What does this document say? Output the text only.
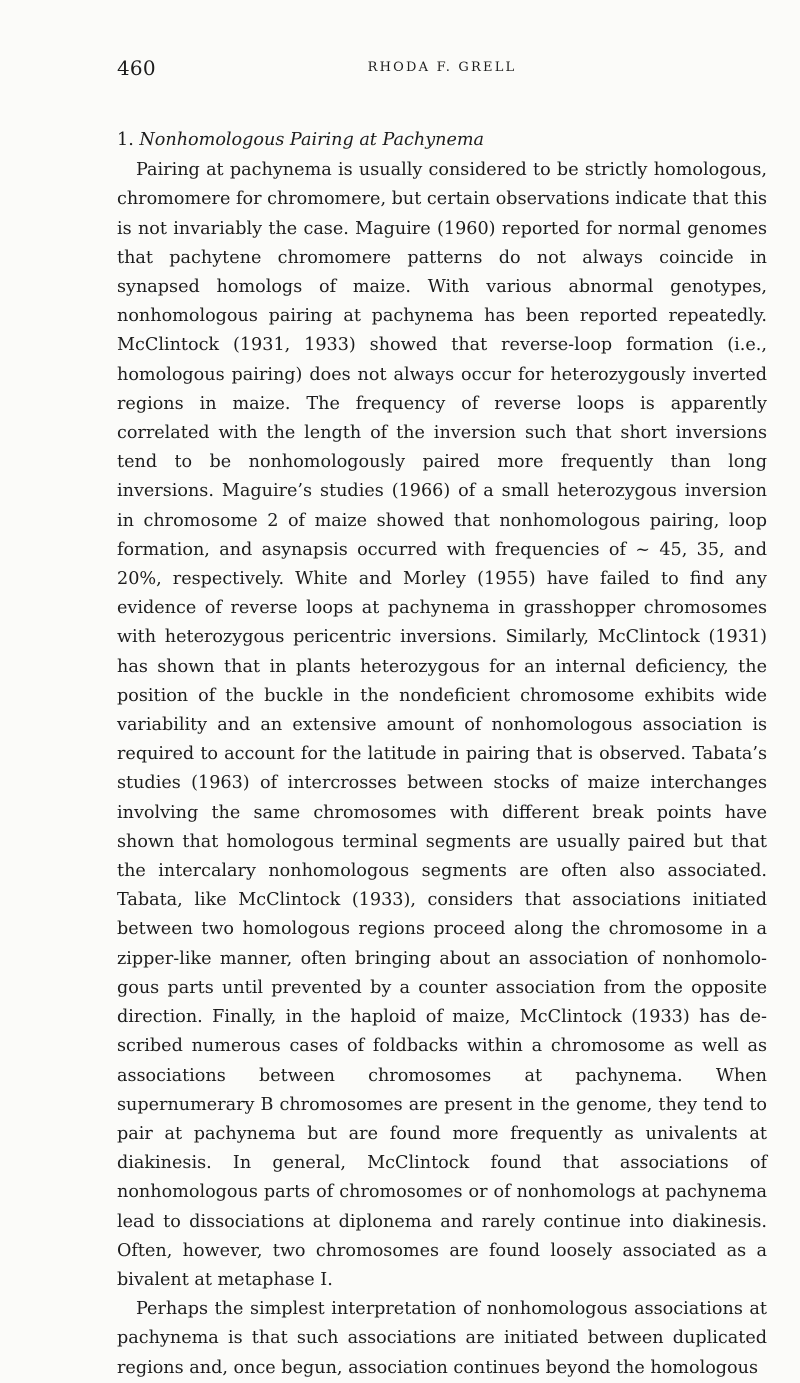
460	RHODA F. GRELL
1. Nonhomologous Pairing at Pachynema

Pairing at pachynema is usually considered to be strictly homologous, chromomere for chromomere, but certain observations indicate that this is not invariably the case. Maguire (1960) reported for normal genomes that pachytene chromomere patterns do not always coincide in synapsed homologs of maize. With various abnormal genotypes, nonhomologous pairing at pachynema has been reported repeatedly. McClintock (1931, 1933) showed that reverse-loop formation (i.e., homologous pairing) does not always occur for heterozygously inverted regions in maize. The frequency of reverse loops is apparently correlated with the length of the inversion such that short inversions tend to be nonhomologously paired more frequently than long inversions. Maguire’s studies (1966) of a small heterozygous inversion in chromosome 2 of maize showed that nonhomologous pairing, loop formation, and asynapsis occurred with frequencies of ~ 45, 35, and 20%, respectively. White and Morley (1955) have failed to find any evidence of reverse loops at pachynema in grasshopper chromosomes with heterozygous pericentric inversions. Similarly, McClintock (1931) has shown that in plants heterozygous for an internal deficiency, the position of the buckle in the nondeficient chromosome exhibits wide variability and an extensive amount of nonhomologous association is required to account for the latitude in pairing that is observed. Tabata’s studies (1963) of intercrosses between stocks of maize interchanges involving the same chromosomes with different break points have shown that homologous terminal segments are usually paired but that the intercalary nonhomologous segments are often also associated. Tabata, like McClintock (1933), considers that associations initiated between two homologous regions proceed along the chromosome in a zipper-like manner, often bringing about an association of nonhomologous parts until prevented by a counter association from the opposite direction. Finally, in the haploid of maize, McClintock (1933) has described numerous cases of foldbacks within a chromosome as well as associations between chromosomes at pachynema. When supernumerary B chromosomes are present in the genome, they tend to pair at pachynema but are found more frequently as univalents at diakinesis. In general, McClintock found that associations of nonhomologous parts of chromosomes or of nonhomologs at pachynema lead to dissociations at diplonema and rarely continue into diakinesis. Often, however, two chromosomes are found loosely associated as a bivalent at metaphase I.

Perhaps the simplest interpretation of nonhomologous associations at pachynema is that such associations are initiated between duplicated regions and, once begun, association continues beyond the homologous
